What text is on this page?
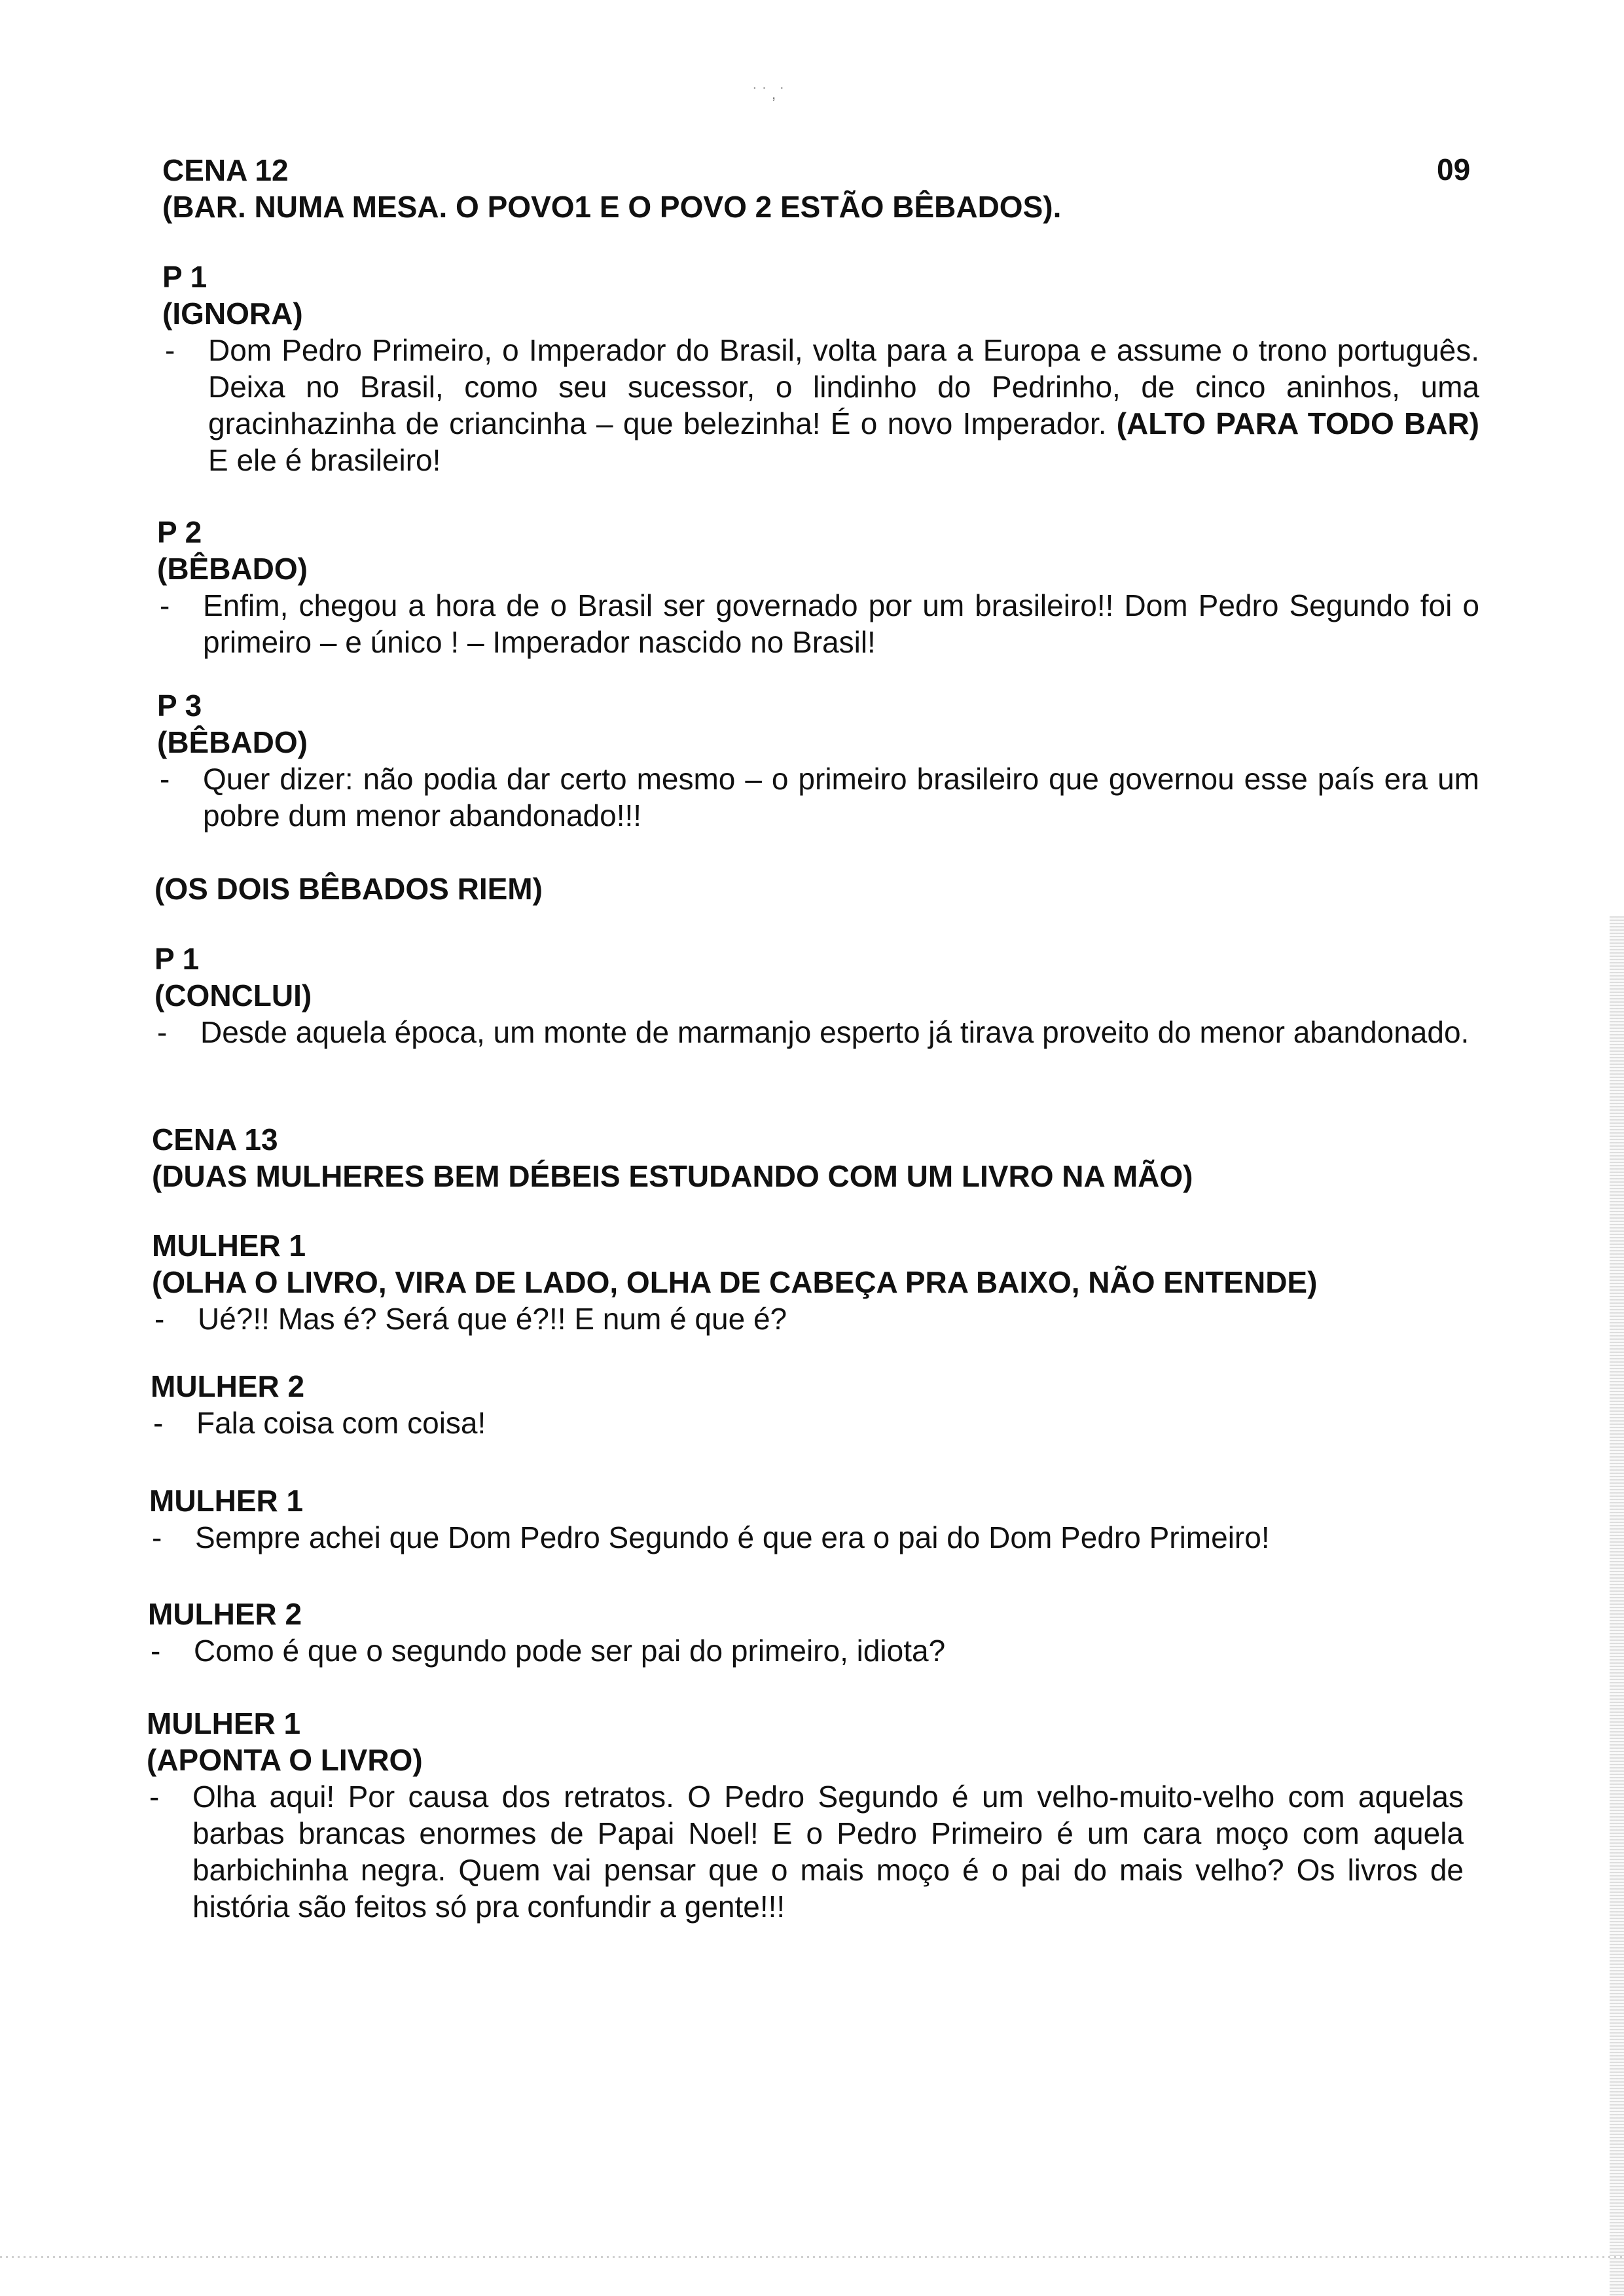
˙ ˙ ‚ ˙
09
CENA 12
(BAR. NUMA MESA. O POVO1 E O POVO 2 ESTÃO BÊBADOS).
P 1
(IGNORA)
- Dom Pedro Primeiro, o Imperador do Brasil, volta para a Europa e assume o trono português. Deixa no Brasil, como seu sucessor, o lindinho do Pedrinho, de cinco aninhos, uma gracinhazinha de criancinha – que belezinha! É o novo Imperador. (ALTO PARA TODO BAR) E ele é brasileiro!
P 2
(BÊBADO)
- Enfim, chegou a hora de o Brasil ser governado por um brasileiro!! Dom Pedro Segundo foi o primeiro – e único ! – Imperador nascido no Brasil!
P 3
(BÊBADO)
- Quer dizer: não podia dar certo mesmo – o primeiro brasileiro que governou esse país era um pobre dum menor abandonado!!!
(OS DOIS BÊBADOS RIEM)
P 1
(CONCLUI)
- Desde aquela época, um monte de marmanjo esperto já tirava proveito do menor abandonado.
CENA 13
(DUAS MULHERES BEM DÉBEIS ESTUDANDO COM UM LIVRO NA MÃO)
MULHER 1
(OLHA O LIVRO, VIRA DE LADO, OLHA DE CABEÇA PRA BAIXO, NÃO ENTENDE)
- Ué?!! Mas é? Será que é?!! E num é que é?
MULHER 2
- Fala coisa com coisa!
MULHER 1
- Sempre achei que Dom Pedro Segundo é que era o pai do Dom Pedro Primeiro!
MULHER 2
- Como é que o segundo pode ser pai do primeiro, idiota?
MULHER 1
(APONTA O LIVRO)
- Olha aqui! Por causa dos retratos. O Pedro Segundo é um velho-muito-velho com aquelas barbas brancas enormes de Papai Noel! E o Pedro Primeiro é um cara moço com aquela barbichinha negra. Quem vai pensar que o mais moço é o pai do mais velho? Os livros de história são feitos só pra confundir a gente!!!
